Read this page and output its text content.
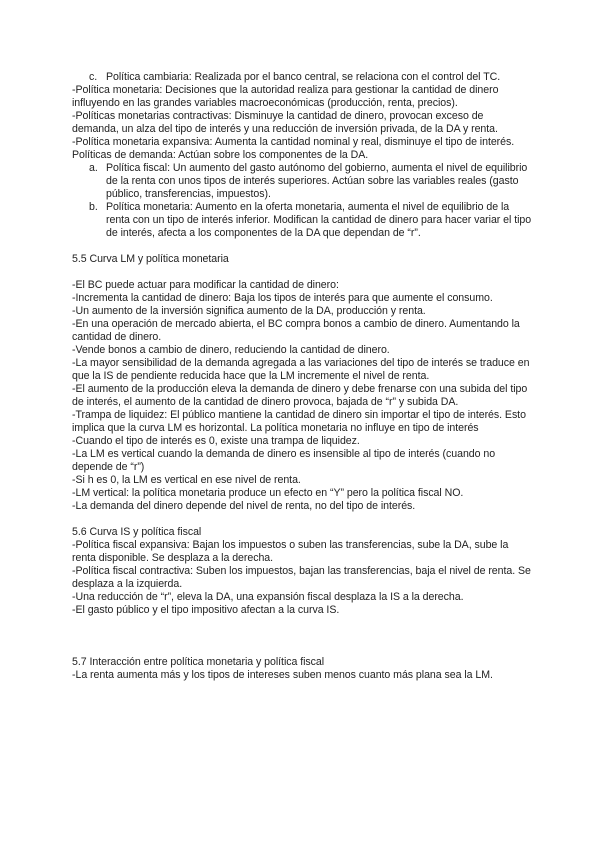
c. Política cambiaria: Realizada por el banco central, se relaciona con el control del TC.

-Política monetaria: Decisiones que la autoridad realiza para gestionar la cantidad de dinero influyendo en las grandes variables macroeconómicas (producción, renta, precios).

-Políticas monetarias contractivas: Disminuye la cantidad de dinero, provocan exceso de demanda, un alza del tipo de interés y una reducción de inversión privada, de la DA y renta.

-Política monetaria expansiva: Aumenta la cantidad nominal y real, disminuye el tipo de interés.

Políticas de demanda: Actúan sobre los componentes de la DA.

a. Política fiscal: Un aumento del gasto autónomo del gobierno, aumenta el nivel de equilibrio de la renta con unos tipos de interés superiores. Actúan sobre las variables reales (gasto público, transferencias, impuestos).
b. Política monetaria: Aumento en la oferta monetaria, aumenta el nivel de equilibrio de la renta con un tipo de interés inferior. Modifican la cantidad de dinero para hacer variar el tipo de interés, afecta a los componentes de la DA que dependan de “r”.

5.5 Curva LM y política monetaria

-El BC puede actuar para modificar la cantidad de dinero:

-Incrementa la cantidad de dinero: Baja los tipos de interés para que aumente el consumo.

-Un aumento de la inversión significa aumento de la DA, producción y renta.

-En una operación de mercado abierta, el BC compra bonos a cambio de dinero. Aumentando la cantidad de dinero.

-Vende bonos a cambio de dinero, reduciendo la cantidad de dinero.

-La mayor sensibilidad de la demanda agregada a las variaciones del tipo de interés se traduce en que la IS de pendiente reducida hace que la LM incremente el nivel de renta.

-El aumento de la producción eleva la demanda de dinero y debe frenarse con una subida del tipo de interés, el aumento de la cantidad de dinero provoca, bajada de “r” y subida DA.

-Trampa de liquidez: El público mantiene la cantidad de dinero sin importar el tipo de interés. Esto implica que la curva LM es horizontal. La política monetaria no influye en tipo de interés

-Cuando el tipo de interés es 0, existe una trampa de liquidez.

-La LM es vertical cuando la demanda de dinero es insensible al tipo de interés (cuando no depende de “r”)

-Si h es 0, la LM es vertical en ese nivel de renta.

-LM vertical: la política monetaria produce un efecto en “Y” pero la política fiscal NO.

-La demanda del dinero depende del nivel de renta, no del tipo de interés.

5.6 Curva IS y política fiscal

-Política fiscal expansiva: Bajan los impuestos o suben las transferencias, sube la DA, sube la renta disponible. Se desplaza a la derecha.

-Política fiscal contractiva: Suben los impuestos, bajan las transferencias, baja el nivel de renta. Se desplaza a la izquierda.

-Una reducción de “r”, eleva la DA, una expansión fiscal desplaza la IS a la derecha.

-El gasto público y el tipo impositivo afectan a la curva IS.

5.7 Interacción entre política monetaria y política fiscal

-La renta aumenta más y los tipos de intereses suben menos cuanto más plana sea la LM.
